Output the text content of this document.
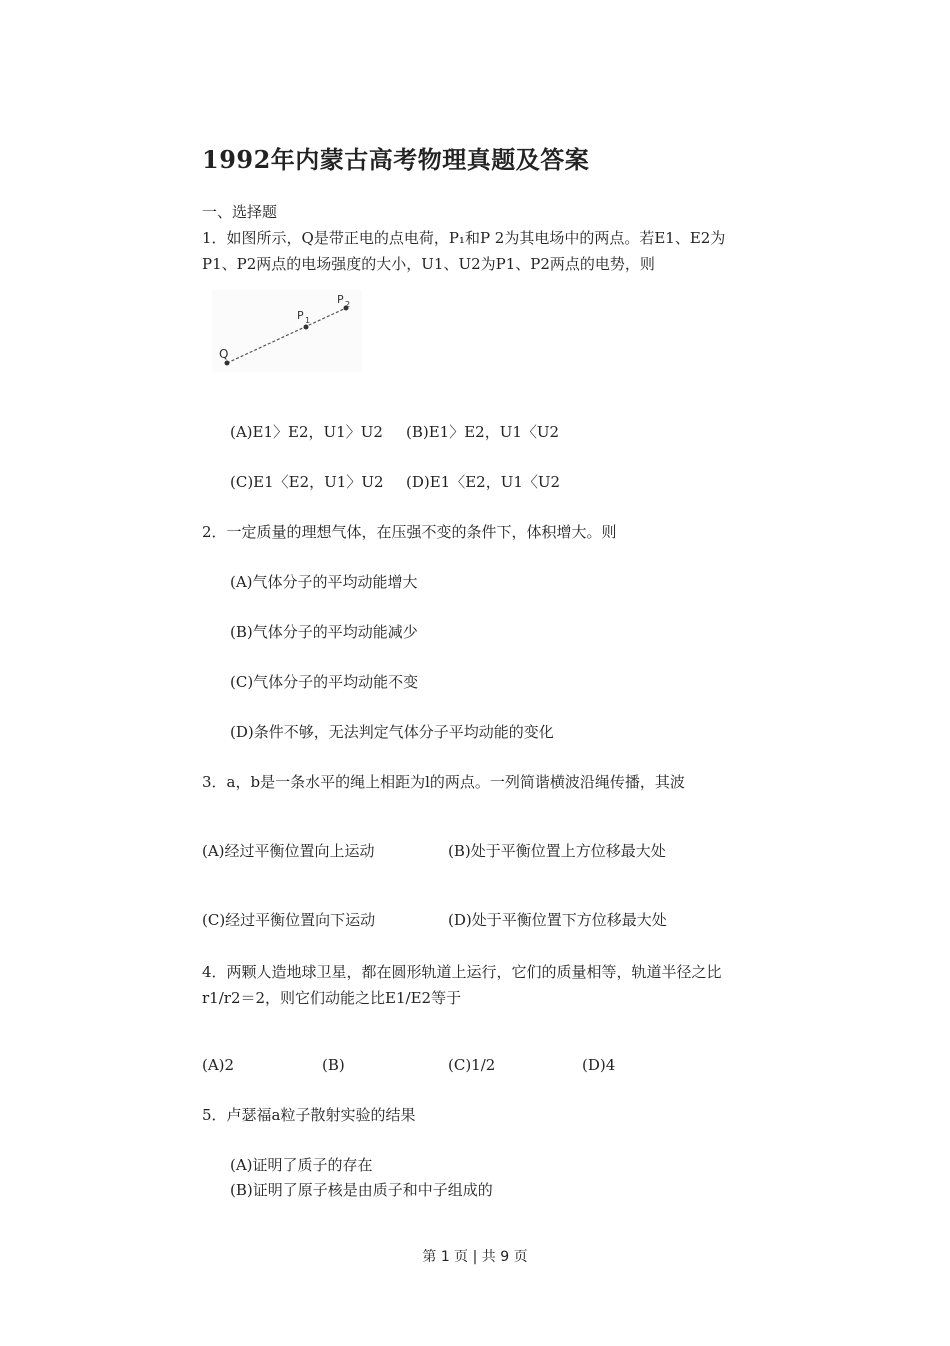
1992年内蒙古高考物理真题及答案
一、选择题
1．如图所示，Q是带正电的点电荷，P₁和P 2为其电场中的两点。若E1、E2为
P1、P2两点的电场强度的大小，U1、U2为P1、P2两点的电势，则
Q
P 1
P 2
(A)E1〉E2，U1〉U2 (B)E1〉E2，U1〈U2
(C)E1〈E2，U1〉U2 (D)E1〈E2，U1〈U2
2．一定质量的理想气体，在压强不变的条件下，体积增大。则
(A)气体分子的平均动能增大
(B)气体分子的平均动能减少
(C)气体分子的平均动能不变
(D)条件不够，无法判定气体分子平均动能的变化
3．a，b是一条水平的绳上相距为l的两点。一列简谐横波沿绳传播，其波
(A)经过平衡位置向上运动	(B)处于平衡位置上方位移最大处
(C)经过平衡位置向下运动	(D)处于平衡位置下方位移最大处
4．两颗人造地球卫星，都在圆形轨道上运行，它们的质量相等，轨道半径之比
r1/r2＝2，则它们动能之比E1/E2等于
(A)2	(B)	(C)1/2	(D)4
5．卢瑟福a粒子散射实验的结果
(A)证明了质子的存在
(B)证明了原子核是由质子和中子组成的
第 1 页 | 共 9 页
